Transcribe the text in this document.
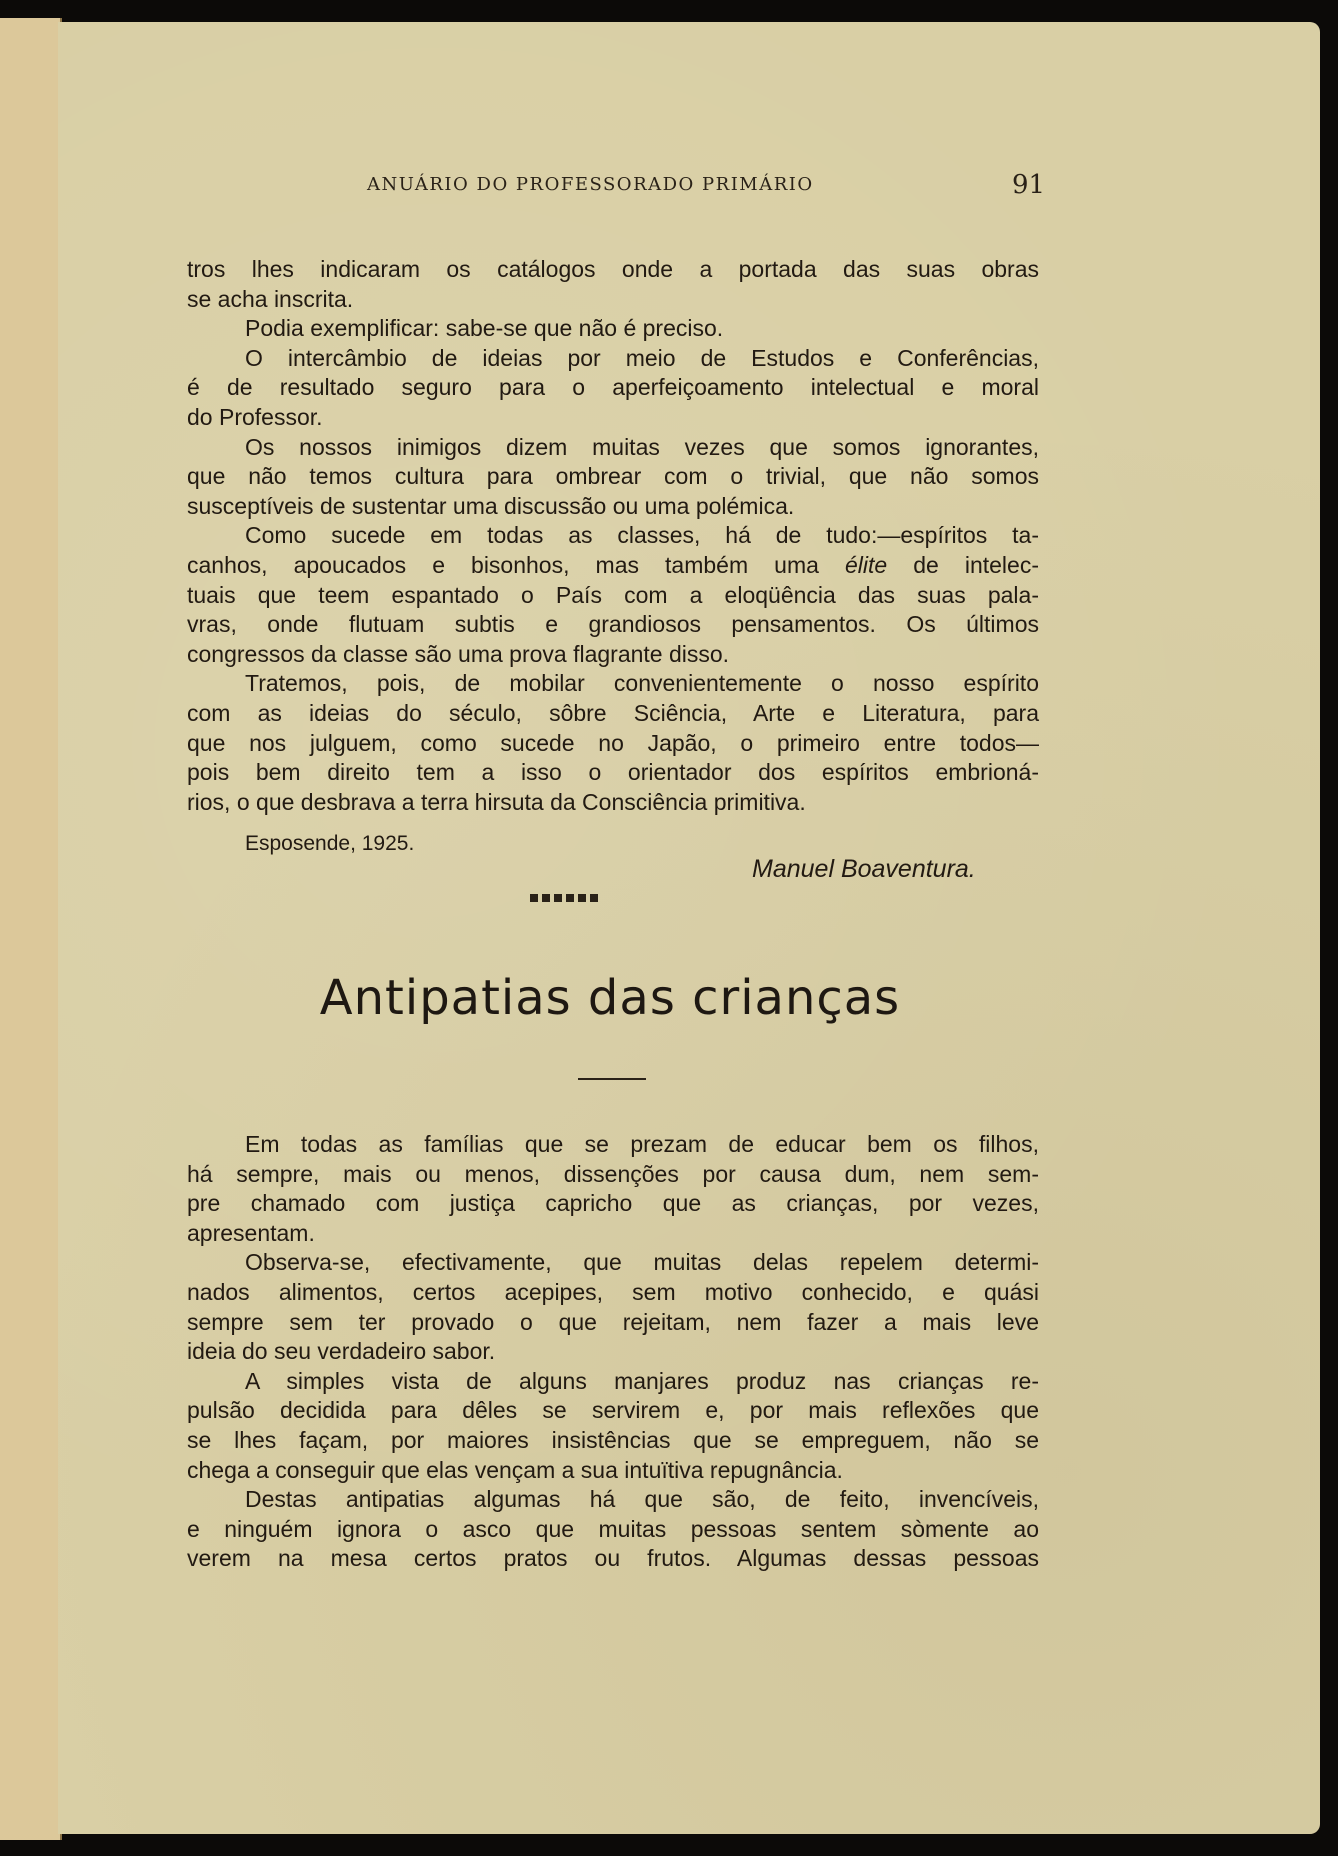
ANUÁRIO DO PROFESSORADO PRIMÁRIO	91
tros lhes indicaram os catálogos onde a portada das suas obras
se acha inscrita.
Podia exemplificar: sabe-se que não é preciso.
O intercâmbio de ideias por meio de Estudos e Conferências,
é de resultado seguro para o aperfeiçoamento intelectual e moral
do Professor.
Os nossos inimigos dizem muitas vezes que somos ignorantes,
que não temos cultura para ombrear com o trivial, que não somos
susceptíveis de sustentar uma discussão ou uma polémica.
Como sucede em todas as classes, há de tudo:—espíritos ta-
canhos, apoucados e bisonhos, mas também uma élite de intelec-
tuais que teem espantado o País com a eloqüência das suas pala-
vras, onde flutuam subtis e grandiosos pensamentos. Os últimos
congressos da classe são uma prova flagrante disso.
Tratemos, pois, de mobilar convenientemente o nosso espírito
com as ideias do século, sôbre Sciência, Arte e Literatura, para
que nos julguem, como sucede no Japão, o primeiro entre todos—
pois bem direito tem a isso o orientador dos espíritos embrioná-
rios, o que desbrava a terra hirsuta da Consciência primitiva.
Esposende, 1925.
Manuel Boaventura.
Antipatias das crianças
Em todas as famílias que se prezam de educar bem os filhos,
há sempre, mais ou menos, dissenções por causa dum, nem sem-
pre chamado com justiça capricho que as crianças, por vezes,
apresentam.
Observa-se, efectivamente, que muitas delas repelem determi-
nados alimentos, certos acepipes, sem motivo conhecido, e quási
sempre sem ter provado o que rejeitam, nem fazer a mais leve
ideia do seu verdadeiro sabor.
A simples vista de alguns manjares produz nas crianças re-
pulsão decidida para dêles se servirem e, por mais reflexões que
se lhes façam, por maiores insistências que se empreguem, não se
chega a conseguir que elas vençam a sua intuïtiva repugnância.
Destas antipatias algumas há que são, de feito, invencíveis,
e ninguém ignora o asco que muitas pessoas sentem sòmente ao
verem na mesa certos pratos ou frutos. Algumas dessas pessoas
